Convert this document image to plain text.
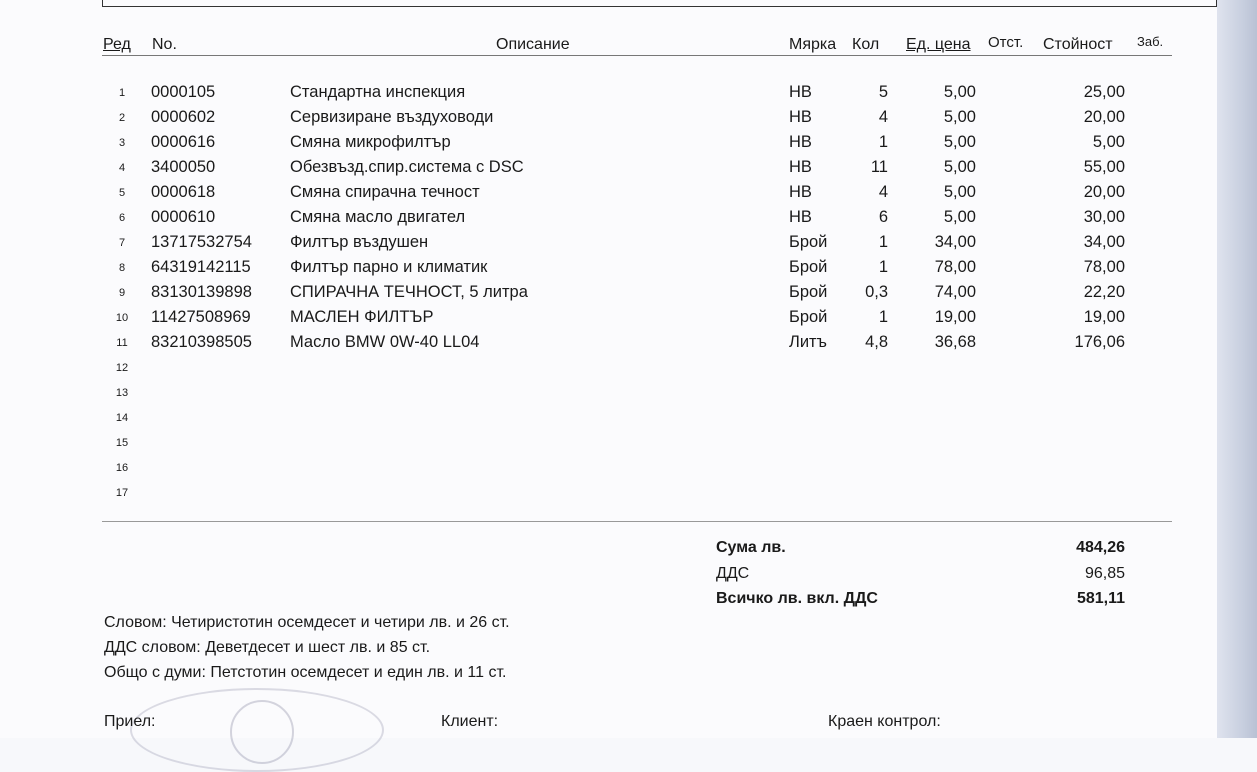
Ред No.	Описание	Мярка Кол Ед. цена Отст. Стойност Заб.
1	0000105	Стандартна инспекция	НВ	5	5,00	25,00
2	0000602	Сервизиране въздуховоди	НВ	4	5,00	20,00
3	0000616	Смяна микрофилтър	НВ	1	5,00	5,00
4	3400050	Обезвъзд.спир.система с DSC	НВ	11	5,00	55,00
5	0000618	Смяна спирачна течност	НВ	4	5,00	20,00
6	0000610	Смяна масло двигател	НВ	6	5,00	30,00
7	13717532754 Филтър въздушен	Брой	1	34,00	34,00
8	64319142115 Филтър парно и климатик	Брой	1	78,00	78,00
9	83130139898 СПИРАЧНА ТЕЧНОСТ, 5 литра	Брой	0,3	74,00	22,20
10 11427508969 МАСЛЕН ФИЛТЪР	Брой	1	19,00	19,00
11 83210398505 Масло BMW 0W-40 LL04	Литъ	4,8	36,68	176,06
12
13
14
15
16
17
Сума лв.	484,26
ДДС	96,85
Всичко лв. вкл. ДДС	581,11
Словом: Четиристотин осемдесет и четири лв. и 26 ст.
ДДС словом: Деветдесет и шест лв. и 85 ст.
Общо с думи: Петстотин осемдесет и един лв. и 11 ст.
Приел:	Клиент:	Краен контрол:
